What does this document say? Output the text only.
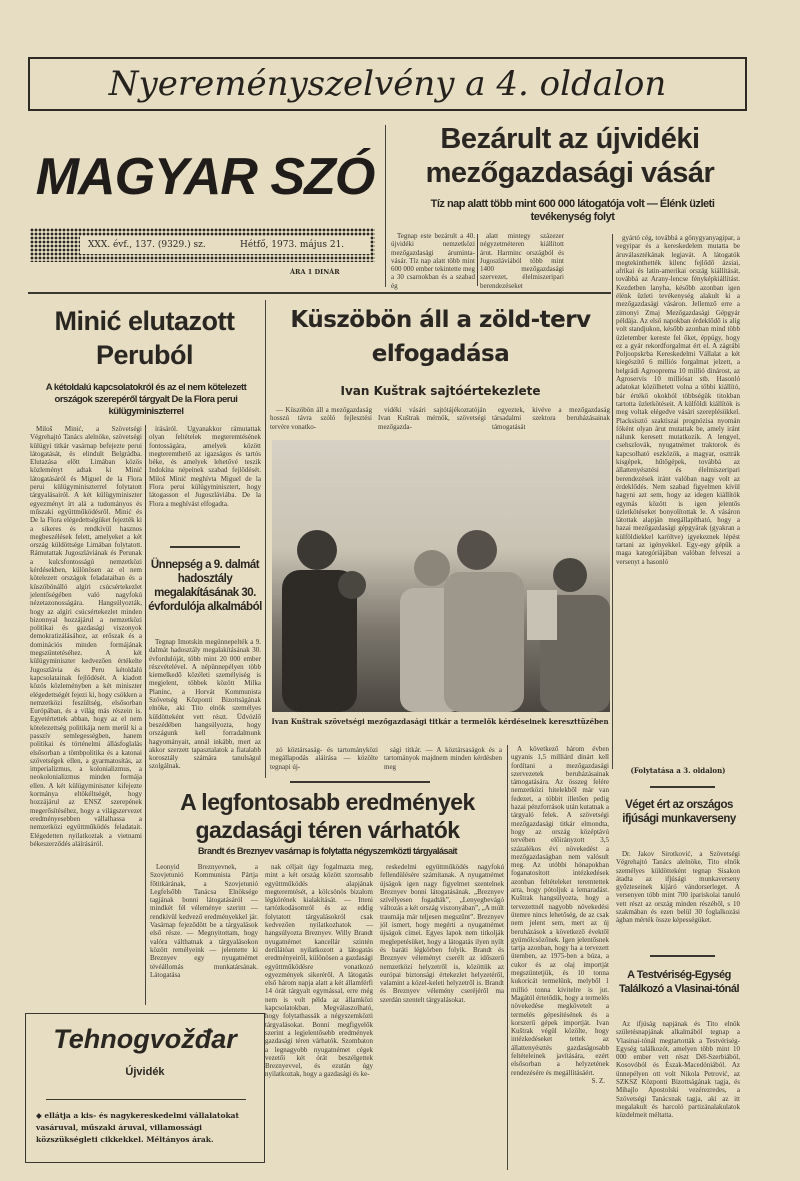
Nyereményszelvény a 4. oldalon
MAGYAR SZÓ
XXX. évf., 137. (9329.) sz.	Hétfő, 1973. május 21.
ÁRA 1 DINÁR
Bezárult az újvidéki mezőgazdasági vásár
Tíz nap alatt több mint 600 000 látogatója volt — Élénk üzleti tevékenység folyt

Tegnap este bezárult a 40. újvidéki nemzetközi mezőgazdasági áruminta-vásár. Tíz nap alatt több mint 600 000 ember tekintette meg a 30 csarnokban és a szabad ég

alatt mintegy százezer négyzetméteren kiállított árut. Harminc országból és Jugoszláviából több mint 1400 mezőgazdasági szervezet, élelmiszeripari berendezéseket

gyártó cég, továbbá a gönygyanyagipar, a vegyipar és a kereskedelem mutatta be áruválasztékának legjavát. A látogatók megtekinthették kilenc fejlődő ázsiai, afrikai és latin-amerikai ország kiállítását, továbbá az Arany-lencse fényképkiállítást. Kezdetben lanyha, később azonban igen élénk üzleti tevékenység alakult ki a mezőgazdasági vásáron. Jellemző erre a zimonyi Zmaj Mezőgazdasági Gépgyár példája. Az első napokban érdeklődő is alig volt standjukon, később azonban mind több üzletember kereste fel őket, éppúgy, hogy ez a gyár rekordforgalmat ért el. A zágrábi Poljoopskrba Kereskedelmi Vállalat a két kiegészítő 6 milliós forgalmat jelzett, a belgrádi Agroopremа 10 millió dinárost, az Agroservis 10 milliósat stb. Hasonló adatokat közölhetett volna a többi kiállító, bár értékő okokból többségük titokban tartotta üzletkötéseit. A külföldi kiállítók is meg voltak elégedve vásári szereplésükkel. Placksisztó szaktiszai prognózisa nyomán fóként olyan árut mutattak be, amely iránt nálunk keresett mutatkozik. A lengyel, csehszlovák, nyugatnémet traktorok és kapcsolható eszközök, a magyar, osztrák kisgépek, hűtőgépek, továbbá az állattenyésztési és élelmiszeripari berendezések iránt valóban nagy volt az érdeklődés. Nem szabad figyelmen kívül hagyni azt sem, hogy az idegen kiállítók egymás között is igen jelentős üzletkötéseket bonyolítottak le. A vásáron látottak alapján megállapítható, hogy a hazai mezőgazdasági gépgyárak (gyakran a külföldiekkel karöltve) igyekeznek lépést tartani az igényekkel. Egy-egy gépük a maga kategóriájában valóban felveszi a versenyt a hasonló

(Folytatása a 3. oldalon)
Minić elutazott Peruból
A kétoldalú kapcsolatokról és az el nem kötelezett országok szerepéről tárgyalt De la Flora perui külügyminiszterrel

Miloš Minić, a Szövetségi Végrehajtó Tanács alelnöke, szövetségi külügyi titkár vasárnap befejezte perui látogatását, és elindult Belgrádba. Elutazása előtt Limában közös közleményt adtak ki Minić látogatásáról és Miguel de la Flora perui külügyminiszterrel folytatott tárgyalásairól. A két külügyminiszter egyezményt írt alá a tudományos és műszaki együttműködésről. Minić és De la Flora elégedettségüket fejezték ki a sikeres és rendkívül hasznos megbeszélések felett, amelyeket a két ország küldöttsége Limában folytatott. Rámutattak Jugoszláviának és Perunak a kulcsfontosságú nemzetközi kérdésekben, különösen az el nem kötelezett országok feladataiban és a küszöbönálló algíri csúcsértekezlet jelentőségében való nagyfokú nézetazonosságára. Hangsúlyozták, hogy az algíri csúcsértekezlet minden bizonnyal hozzájárul a nemzetközi politikai és gazdasági viszonyok demokratizálásához, az erőszak és a dominációs minden formájának megszüntetéséhez. A két külügyminiszter kedvezően értékelte Jugoszlávia és Peru kétoldalú kapcsolatainak fejlődését. A kiadott közös közleményben a két miniszter elégedettségét fejezi ki, hogy csökken a nemzetközi feszültség, elsősorban Európában, és a világ más részein is. Egyetértettek abban, hogy az el nem kötelezettség politikája nem merül ki a passzív semlegességben, hanem politikai és történelmi állásfoglalás elsősorban a tömbpolitika és a katonai szövetségek ellen, a gyarmatosítás, az imperializmus, a kolonializmus, a neokolonializmus minden formája ellen. A két külügyminiszter kifejezte kormánya eltökéltségét, hogy hozzájárul az ENSZ szerepének megerősítéséhez, hogy a világszervezet eredményesebben vállalhassa a nemzetközi együttműködés feladatait. Elégedetten nyilatkoztak a vietnami békeszerződés aláírásáról.

írásáról. Ugyanakkor rámutattak olyan feltételek megteremtésének fontosságára, amelyek között megteremthető az igazságos és tartós béke, és amelyek lehetővé teszik Indokína népeinek szabad fejlődését. Miloš Minić meghívta Miguel de la Flora perui külügyminisztert, hogy látogasson el Jugoszláviába. De la Flora a meghívást elfogadta.

Ünnepség a 9. dalmát hadosztály megalakításának 30. évfordulója alkalmából

Tegnap Imotskin megünnepelték a 9. dalmát hadosztály megalakításának 30. évfordulóját, több mint 20 000 ember részvételével. A népünnepélyen több kiemelkedő közéleti személyiség is megjelent, többek között Milka Planinc, a Horvát Kommunista Szövetség Központi Bizottságának elnöke, aki Tito elnök személyes küldötteként vett részt. Üdvözlő beszédében hangsúlyozta, hogy országunk kell forradalmunk hagyományait, annál inkább, mert az akkor szerzett tapasztalatok a fiatalabb korosztály számára tanulságul szolgálnak.

Tehnogvožđar
Újvidék
◆ ellátja a kis- és nagykereskedelmi vállalatokat vasáruval, műszaki áruval, villamossági közszükségleti cikkekkel. Méltányos árak.
Küszöbön áll a zöld-terv elfogadása
Ivan Kuštrak sajtóértekezlete

— Küszöbön áll a mezőgazdaság hosszú távra szóló fejlesztési tervére vonatko-

vidéki vásári sajtótájékoztatóján Ivan Kuštrak mérnök, szövetségi mezőgazda-

egyeztek, kivéve a mezőgazdaság társadalmi szektora beruházásainak támogatását

Ivan Kuštrak szövetségi mezőgazdasági titkár a termelők kérdéseinek kereszttüzében

zó köztársaság- és tartományközi megállapodás aláírása — közölte tegnapi új-

sági titkár. — A köztársaságok és a tartományok majdnem minden kérdésben meg

A következő három évben ugyanis 1,5 milliárd dinárt kell fordítani a mezőgazdasági szervezetek beruházásainak támogatására. Az összeg felére nemzetközi hitelekből már van fedezet, a többit illetően pedig hazai pénzforrások után kutatnak a tárgyaló felek. A szövetségi mezőgazdasági titkár elmondta, hogy az ország középtávú tervében előirányzott 3,5 százalékos évi növekedést a mezőgazdaságban nem valósult meg. Az utóbbi hónapokban foganatosított intézkedések azonban feltételeket teremtettek arra, hogy pótoljuk a lemaradást. Kuštrak hangsúlyozta, hogy a tervezettnél nagyobb növekedési ütemre nincs lehetőség, de az csak nem jelent sem, mert az új beruházások a következő évektől gyümölcsözőnek. Igen jelentősnek tartja azonban, hogy ha a tervezett ütemben, az 1975-ben a búza, a cukor és az olaj importját megszüntetjük, és 10 tonna kukoricát termelünk, melyből 1 millió tonna kivitelre is jut. Magától értetődik, hogy a termelés növekedése megkövetelt a termelés gépesítésének és a korszerű gépek importját. Ivan Kuštrak végül közölte, hogy intézkedéseket tettek az állattenyésztés gazdaságosabb feltételeinek javítására, ezért elsősorban a helyzetének rendezésére és megállításáért.

S. Z.
A legfontosabb eredmények gazdasági téren várhatók
Brandt és Breznyev vasárnap is folytatta négyszemközti tárgyalásait

Leonyid Breznyevnek, a Szovjetunió Kommunista Pártja főtitkárának, a Szovjetunió Legfelsőbb Tanácsa Elnöksége tagjának bonni látogatásáról — mindkét fél véleménye szerint — rendkívül kedvező eredményekkel jár. Vasárnap fejeződött be a tárgyalások első része. — Megnyitottam, hogy valóra válthatnak a tárgyalásokon között remélyeink — jelentette ki Breznyev egy nyugatnémet tévéállomás munkatársának. Látogatása

nak céljait úgy fogalmazta meg, mint a két ország között szorosabb együttműködés alapjának megteremtését, a kölcsönös bizalom légkörének kialakítását. — Itteni tartózkodásomról és az eddig folytatott tárgyalásokról csak kedvezően nyilatkozhatok — hangsúlyozta Breznyev. Willy Brandt nyugatnémet kancellár szintén derűlátóan nyilatkozott a látogatás eredményeiről, különösen a gazdasági együttműködésre vonatkozó egyezmények sikeréről. A látogatás első három napja alatt a két államférfi 14 órát tárgyalt egymással, erre még nem is volt példa az államközi kapcsolatokban. Megválaszolható, hogy folytathassák a négyszemközti tárgyalásokat. Bonni megfigyelők szerint a legjelentősebb eredmények gazdasági téren várhatók. Szombaton a legnagyobb nyugatnémet cégek vezetői két órát beszélgettek Breznyevvel, és ezután úgy nyilatkoztak, hogy a gazdasági és ke-

reskedelmi együttműködés nagyfokú fellendülésére számítanak. A nyugatnémet újságok igen nagy figyelmet szentelnek Breznyev bonni látogatásának. „Breznyev szívélyesen fogadták”, „Lenyegbevágó változás a két ország viszonyában”, „A múlt traumája már teljesen megszűnt”. Breznyev jól ismert, hogy megérti a nyugatnémet újságok címei. Egyes lapok nem titkolják meglepetésüket, hogy a látogatás ilyen nyílt és baráti légkörben folyik. Brandt és Breznyev véleményt cserélt az időszerű nemzetközi helyzetről is, közöttük az európai biztonsági értekezlet helyzetéről, valamint a közel-keleti helyzetről is. Brandt és Breznyev vélemény cseréjéről ma szerdán szentelt tárgyalásokat.

Véget ért az országos ifjúsági munkaverseny

Dr. Jakov Sirotković, a Szövetségi Végrehajtó Tanács alelnöke, Tito elnök személyes küldötteként tegnap Sisakon átadta az ifjúsági munkaverseny győzteseinek kijáró vándorserleget. A versenyen több mint 700 ipariskolai tanuló vett részt az ország minden részéből, s 10 szakmában és ezen belül 30 foglalkozási ágban mérték össze képességüket.

A Testvériség-Egység Találkozó a Vlasinai-tónál

Az ifjúság napjának és Tito elnök születésnapjának alkalmából tegnap a Vlasinai-tónál megtartották a Testvériség-Egység találkozót, amelyen több mint 10 000 ember vett részt Dél-Szerbiából, Kosovóból és Észak-Macedóniából. Az ünnepélyen ott volt Nikola Petrović, az SZKSZ Központi Bizottságának tagja, és Mihajlo Apostolski vezérezredes, a Szövetségi Tanácsnak tagja, aki az itt megalakult és harcoló partizánalakulatok küzdelmeit méltatta.
